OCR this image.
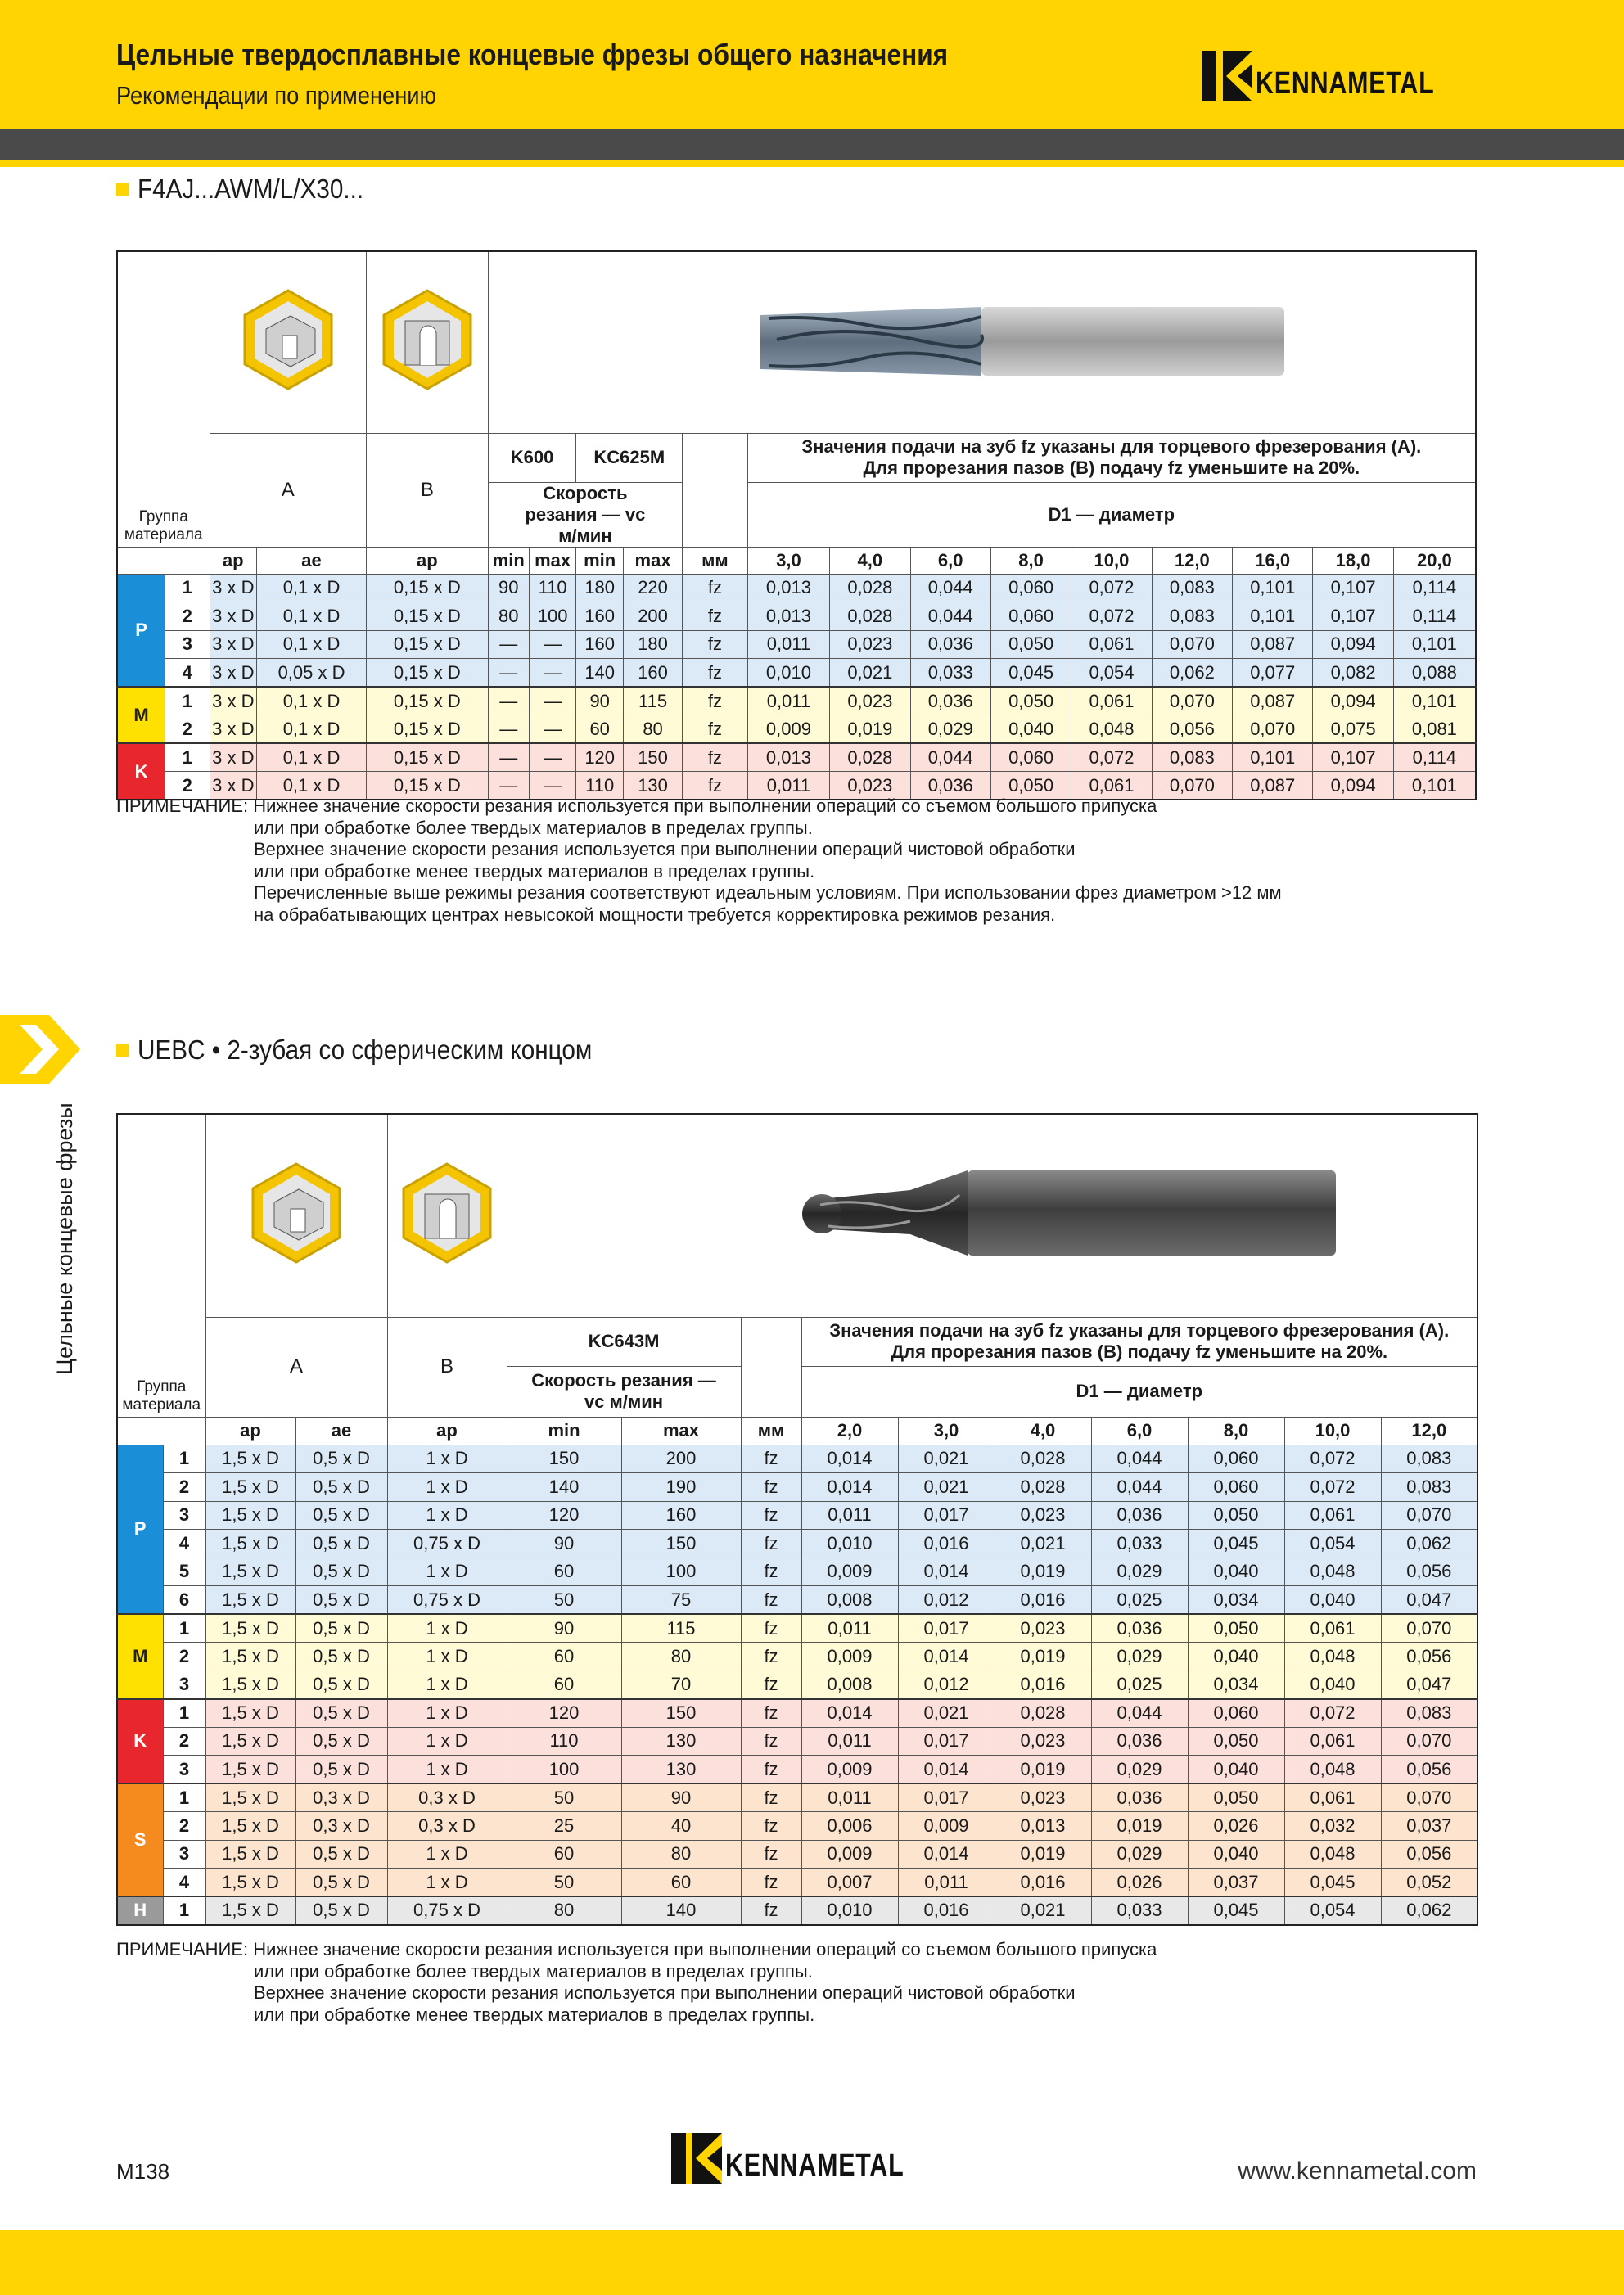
Цельные твердосплавные концевые фрезы общего назначения
Рекомендации по применению	KENNAMETAL
Цельные концевые фрезы
F4AJ...AWM/L/X30...
Группа материала

		A		B	K600		KC625M			Значения подачи на зуб fz указаны для торцевого фрезерования (A).
Для прорезания пазов (B) подачу fz уменьшите на 20%.								

					Скорость резания — vc м/мин					D1 — диаметр								
		ap	ae	ap	min	max	min	max	мм	3,0	4,0	6,0	8,0	10,0	12,0	16,0	18,0	20,0
P	1	3 x D	0,1 x D	0,15 x D	90	110	180	220	fz	0,013	0,028	0,044	0,060	0,072	0,083	0,101	0,107	0,114
	2	3 x D	0,1 x D	0,15 x D	80	100	160	200	fz	0,013	0,028	0,044	0,060	0,072	0,083	0,101	0,107	0,114
	3	3 x D	0,1 x D	0,15 x D	—	—	160	180	fz	0,011	0,023	0,036	0,050	0,061	0,070	0,087	0,094	0,101
	4	3 x D	0,05 x D	0,15 x D	—	—	140	160	fz	0,010	0,021	0,033	0,045	0,054	0,062	0,077	0,082	0,088
M	1	3 x D	0,1 x D	0,15 x D	—	—	90	115	fz	0,011	0,023	0,036	0,050	0,061	0,070	0,087	0,094	0,101
	2	3 x D	0,1 x D	0,15 x D	—	—	60	80	fz	0,009	0,019	0,029	0,040	0,048	0,056	0,070	0,075	0,081
K	1	3 x D	0,1 x D	0,15 x D	—	—	120	150	fz	0,013	0,028	0,044	0,060	0,072	0,083	0,101	0,107	0,114
	2	3 x D	0,1 x D	0,15 x D	—	—	110	130	fz	0,011	0,023	0,036	0,050	0,061	0,070	0,087	0,094	0,101
ПРИМЕЧАНИЕ: Нижнее значение скорости резания используется при выполнении операций со съемом большого припуска
или при обработке более твердых материалов в пределах группы.
Верхнее значение скорости резания используется при выполнении операций чистовой обработки
или при обработке менее твердых материалов в пределах группы.
Перечисленные выше режимы резания соответствуют идеальным условиям. При использовании фрез диаметром >12 мм
на обрабатывающих центрах невысокой мощности требуется корректировка режимов резания.
UEBC • 2-зубая со сферическим концом
Группа материала

		A		B	KC643M			Значения подачи на зуб fz указаны для торцевого фрезерования (A).
Для прорезания пазов (B) подачу fz уменьшите на 20%.						

					Скорость резания — vc м/мин			D1 — диаметр						
		ap	ae	ap	min	max	мм	2,0	3,0	4,0	6,0	8,0	10,0	12,0
P	1	1,5 x D	0,5 x D	1 x D	150	200	fz	0,014	0,021	0,028	0,044	0,060	0,072	0,083
	2	1,5 x D	0,5 x D	1 x D	140	190	fz	0,014	0,021	0,028	0,044	0,060	0,072	0,083
	3	1,5 x D	0,5 x D	1 x D	120	160	fz	0,011	0,017	0,023	0,036	0,050	0,061	0,070
	4	1,5 x D	0,5 x D	0,75 x D	90	150	fz	0,010	0,016	0,021	0,033	0,045	0,054	0,062
	5	1,5 x D	0,5 x D	1 x D	60	100	fz	0,009	0,014	0,019	0,029	0,040	0,048	0,056
	6	1,5 x D	0,5 x D	0,75 x D	50	75	fz	0,008	0,012	0,016	0,025	0,034	0,040	0,047
M	1	1,5 x D	0,5 x D	1 x D	90	115	fz	0,011	0,017	0,023	0,036	0,050	0,061	0,070
	2	1,5 x D	0,5 x D	1 x D	60	80	fz	0,009	0,014	0,019	0,029	0,040	0,048	0,056
	3	1,5 x D	0,5 x D	1 x D	60	70	fz	0,008	0,012	0,016	0,025	0,034	0,040	0,047
K	1	1,5 x D	0,5 x D	1 x D	120	150	fz	0,014	0,021	0,028	0,044	0,060	0,072	0,083
	2	1,5 x D	0,5 x D	1 x D	110	130	fz	0,011	0,017	0,023	0,036	0,050	0,061	0,070
	3	1,5 x D	0,5 x D	1 x D	100	130	fz	0,009	0,014	0,019	0,029	0,040	0,048	0,056
S	1	1,5 x D	0,3 x D	0,3 x D	50	90	fz	0,011	0,017	0,023	0,036	0,050	0,061	0,070
	2	1,5 x D	0,3 x D	0,3 x D	25	40	fz	0,006	0,009	0,013	0,019	0,026	0,032	0,037
	3	1,5 x D	0,5 x D	1 x D	60	80	fz	0,009	0,014	0,019	0,029	0,040	0,048	0,056
	4	1,5 x D	0,5 x D	1 x D	50	60	fz	0,007	0,011	0,016	0,026	0,037	0,045	0,052
H	1	1,5 x D	0,5 x D	0,75 x D	80	140	fz	0,010	0,016	0,021	0,033	0,045	0,054	0,062
ПРИМЕЧАНИЕ: Нижнее значение скорости резания используется при выполнении операций со съемом большого припуска
или при обработке более твердых материалов в пределах группы.
Верхнее значение скорости резания используется при выполнении операций чистовой обработки
или при обработке менее твердых материалов в пределах группы.
M138	KENNAMETAL	www.kennametal.com
